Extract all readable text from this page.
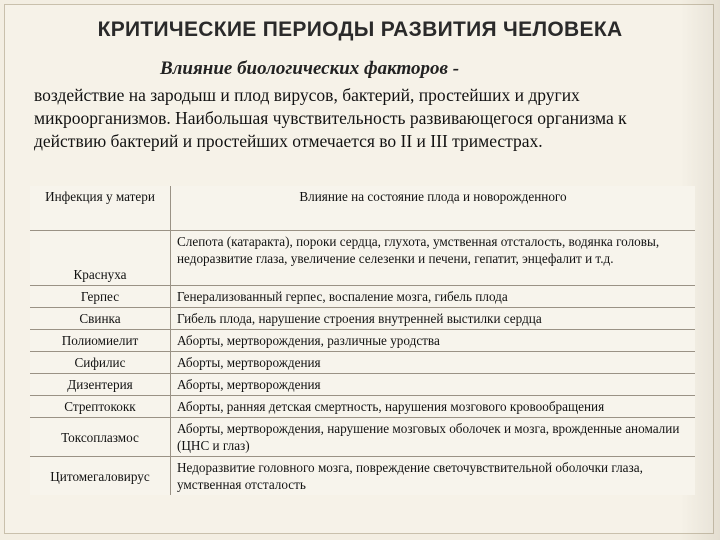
КРИТИЧЕСКИЕ ПЕРИОДЫ РАЗВИТИЯ ЧЕЛОВЕКА
Влияние биологических факторов -
воздействие на зародыш и плод вирусов, бактерий, простейших и других микроорганизмов. Наибольшая чувствительность развивающегося организма к действию бактерий и простейших отмечается во II и III триместрах.
Инфекция у матери	Влияние на состояние плода и новорожденного
Краснуха	Слепота (катаракта), пороки сердца, глухота, умственная отсталость, водянка головы, недоразвитие глаза, увеличение селезенки и печени, гепатит, энцефалит и т.д.
Герпес	Генерализованный герпес, воспаление мозга, гибель плода
Свинка	Гибель плода, нарушение строения внутренней выстилки сердца
Полиомиелит	Аборты, мертворождения, различные уродства
Сифилис	Аборты, мертворождения
Дизентерия	Аборты, мертворождения
Стрептококк	Аборты, ранняя детская смертность, нарушения мозгового кровообращения
Токсоплазмос	Аборты, мертворождения, нарушение мозговых оболочек и мозга, врожденные аномалии (ЦНС и глаз)
Цитомегаловирус	Недоразвитие головного мозга, повреждение светочувствительной оболочки глаза, умственная отсталость
